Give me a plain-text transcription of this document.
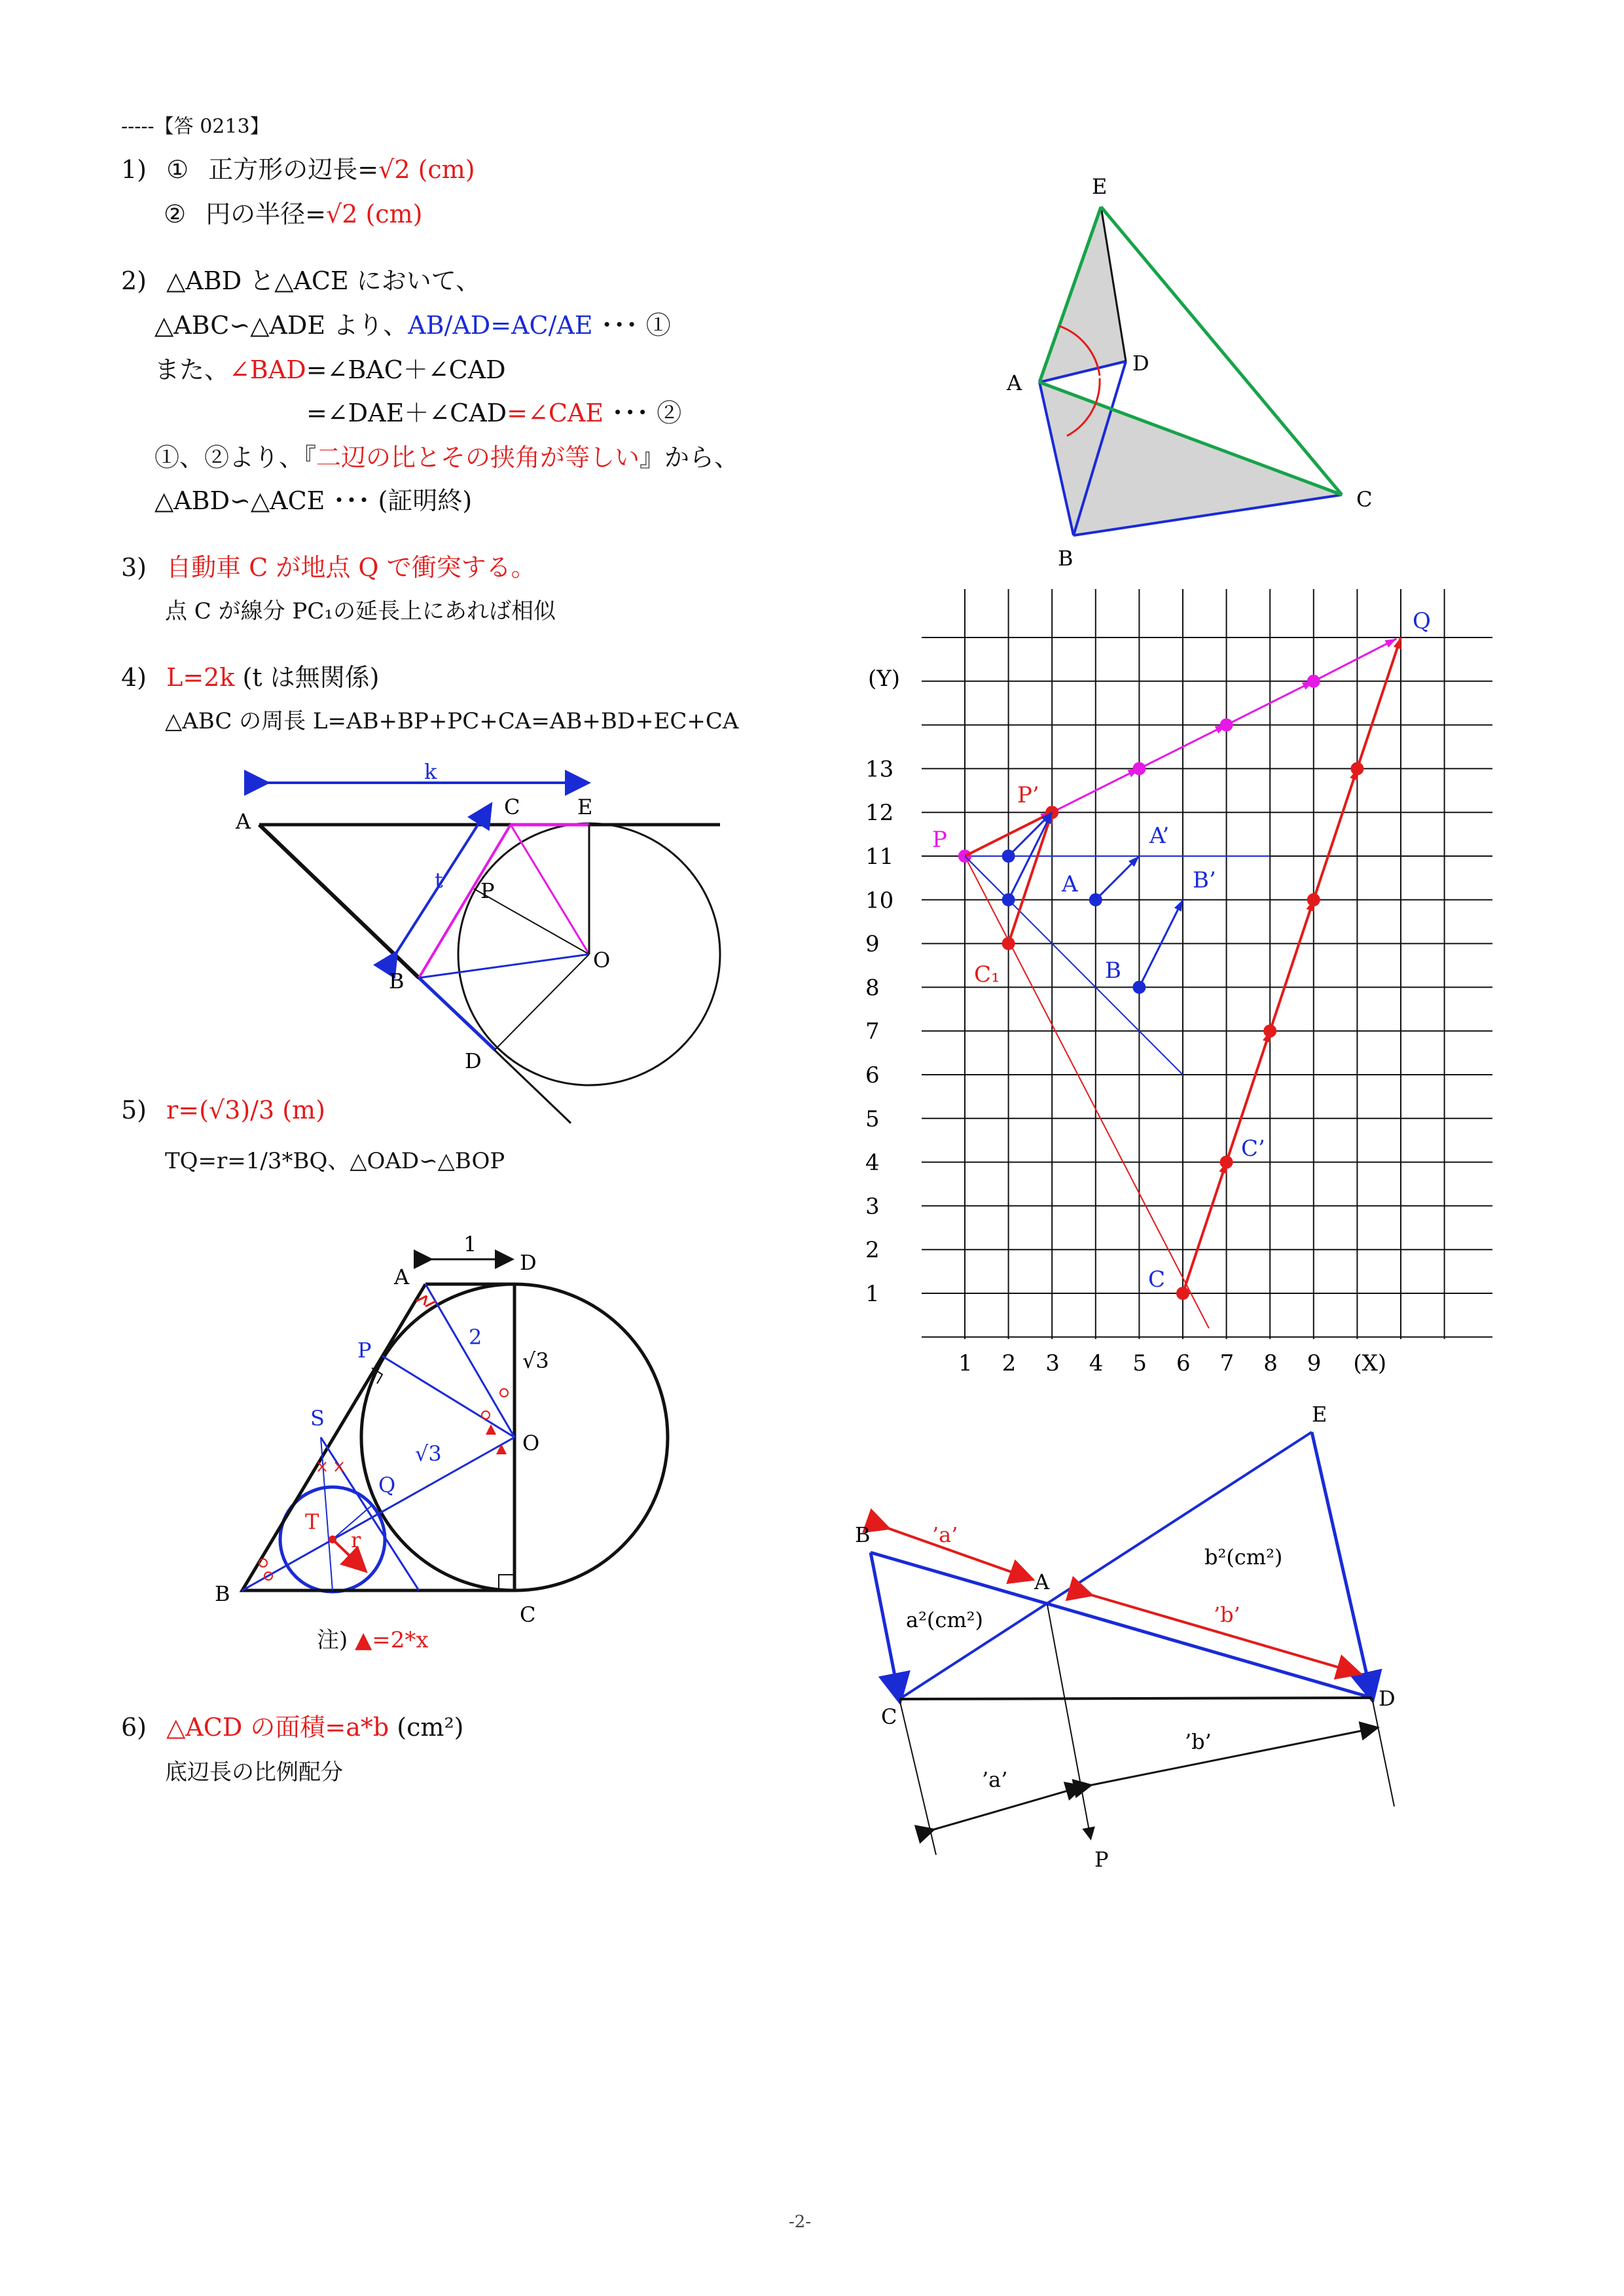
-----【答 0213】
1) ① 正方形の辺長=√2 (cm)
② 円の半径=√2 (cm)
2) △ABD と△ACE において、
△ABC∽△ADE より、AB/AD=AC/AE ･･･ ①
また、∠BAD=∠BAC＋∠CAD
=∠DAE＋∠CAD=∠CAE ･･･ ②
①、②より、『二辺の比とその挟角が等しい』から、
△ABD∽△ACE ･･･ (証明終)
3) 自動車 C が地点 Q で衝突する。
点 C が線分 PC₁の延長上にあれば相似
4) L=2k (t は無関係)
△ABC の周長 L=AB+BP+PC+CA=AB+BD+EC+CA
5) r=(√3)/3 (m)
TQ=r=1/3*BQ、△OAD∽△BOP
注) ▲=2*x
6) △ACD の面積=a*b (cm²)
底辺長の比例配分
E
D
A
C
B
A
C	E
k
t P
O
B
D
1
A
D
2
√3
P
S
O
√3
Q
T
r
B
C
1 2 3 4 5 6 7 8 9 (X)
1
2
3
4
5
6
7
8
9
10
11
12
13
(Y)
P
P’
Q
A
A’
B
B’
C
C’
C₁
B
A
E
C
D
P
’a’
’b’
’a’
’b’
a²(cm²)
b²(cm²)
-2-
